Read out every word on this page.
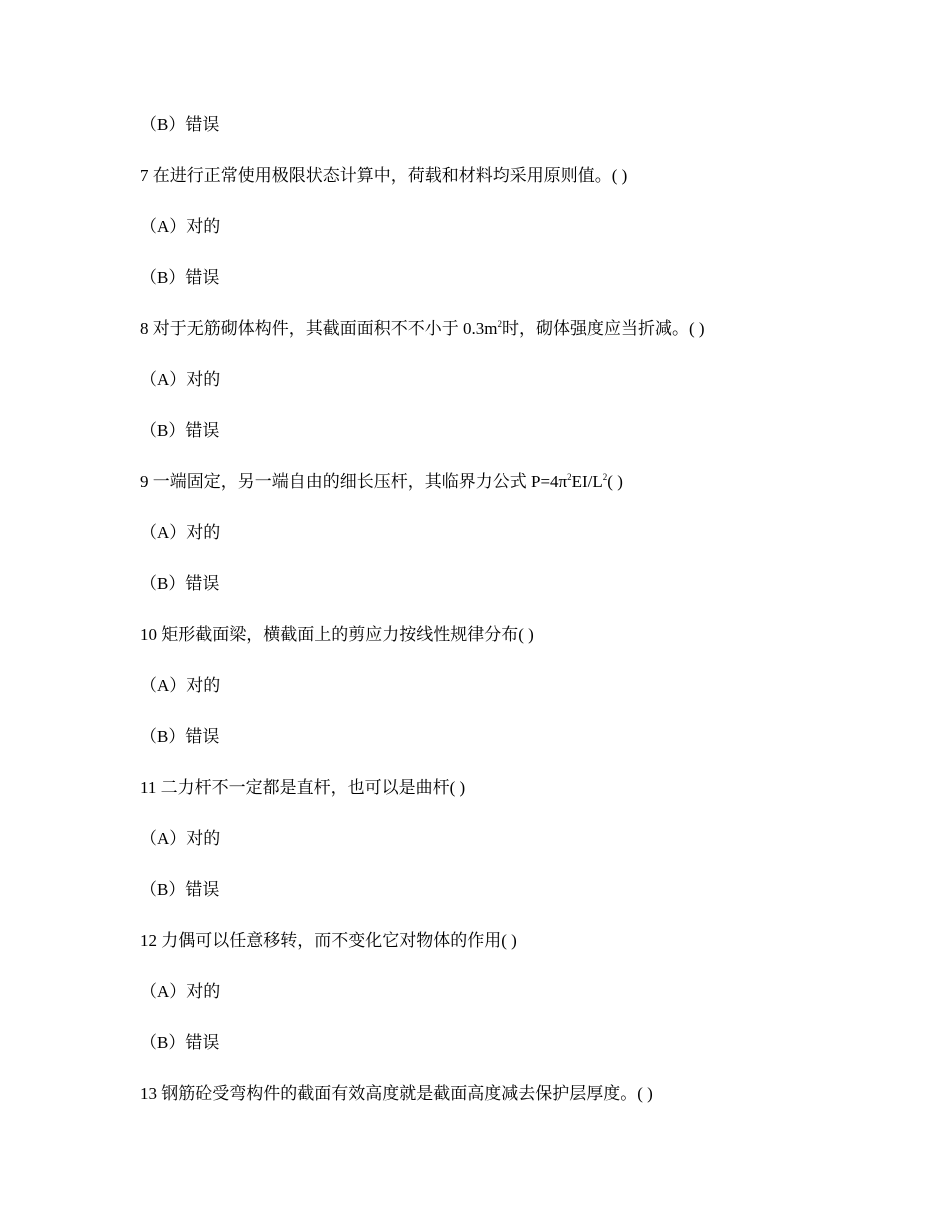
（B）错误
7 在进行正常使用极限状态计算中，荷载和材料均采用原则值。( )
（A）对的
（B）错误
8 对于无筋砌体构件，其截面面积不不小于 $0.3m^2$时，砌体强度应当折减。( )
（A）对的
（B）错误
9 一端固定，另一端自由的细长压杆，其临界力公式 $P=4\pi^2EI/L^2$( )
（A）对的
（B）错误
10 矩形截面梁，横截面上的剪应力按线性规律分布( )
（A）对的
（B）错误
11 二力杆不一定都是直杆，也可以是曲杆( )
（A）对的
（B）错误
12 力偶可以任意移转，而不变化它对物体的作用( )
（A）对的
（B）错误
13 钢筋砼受弯构件的截面有效高度就是截面高度减去保护层厚度。( )
